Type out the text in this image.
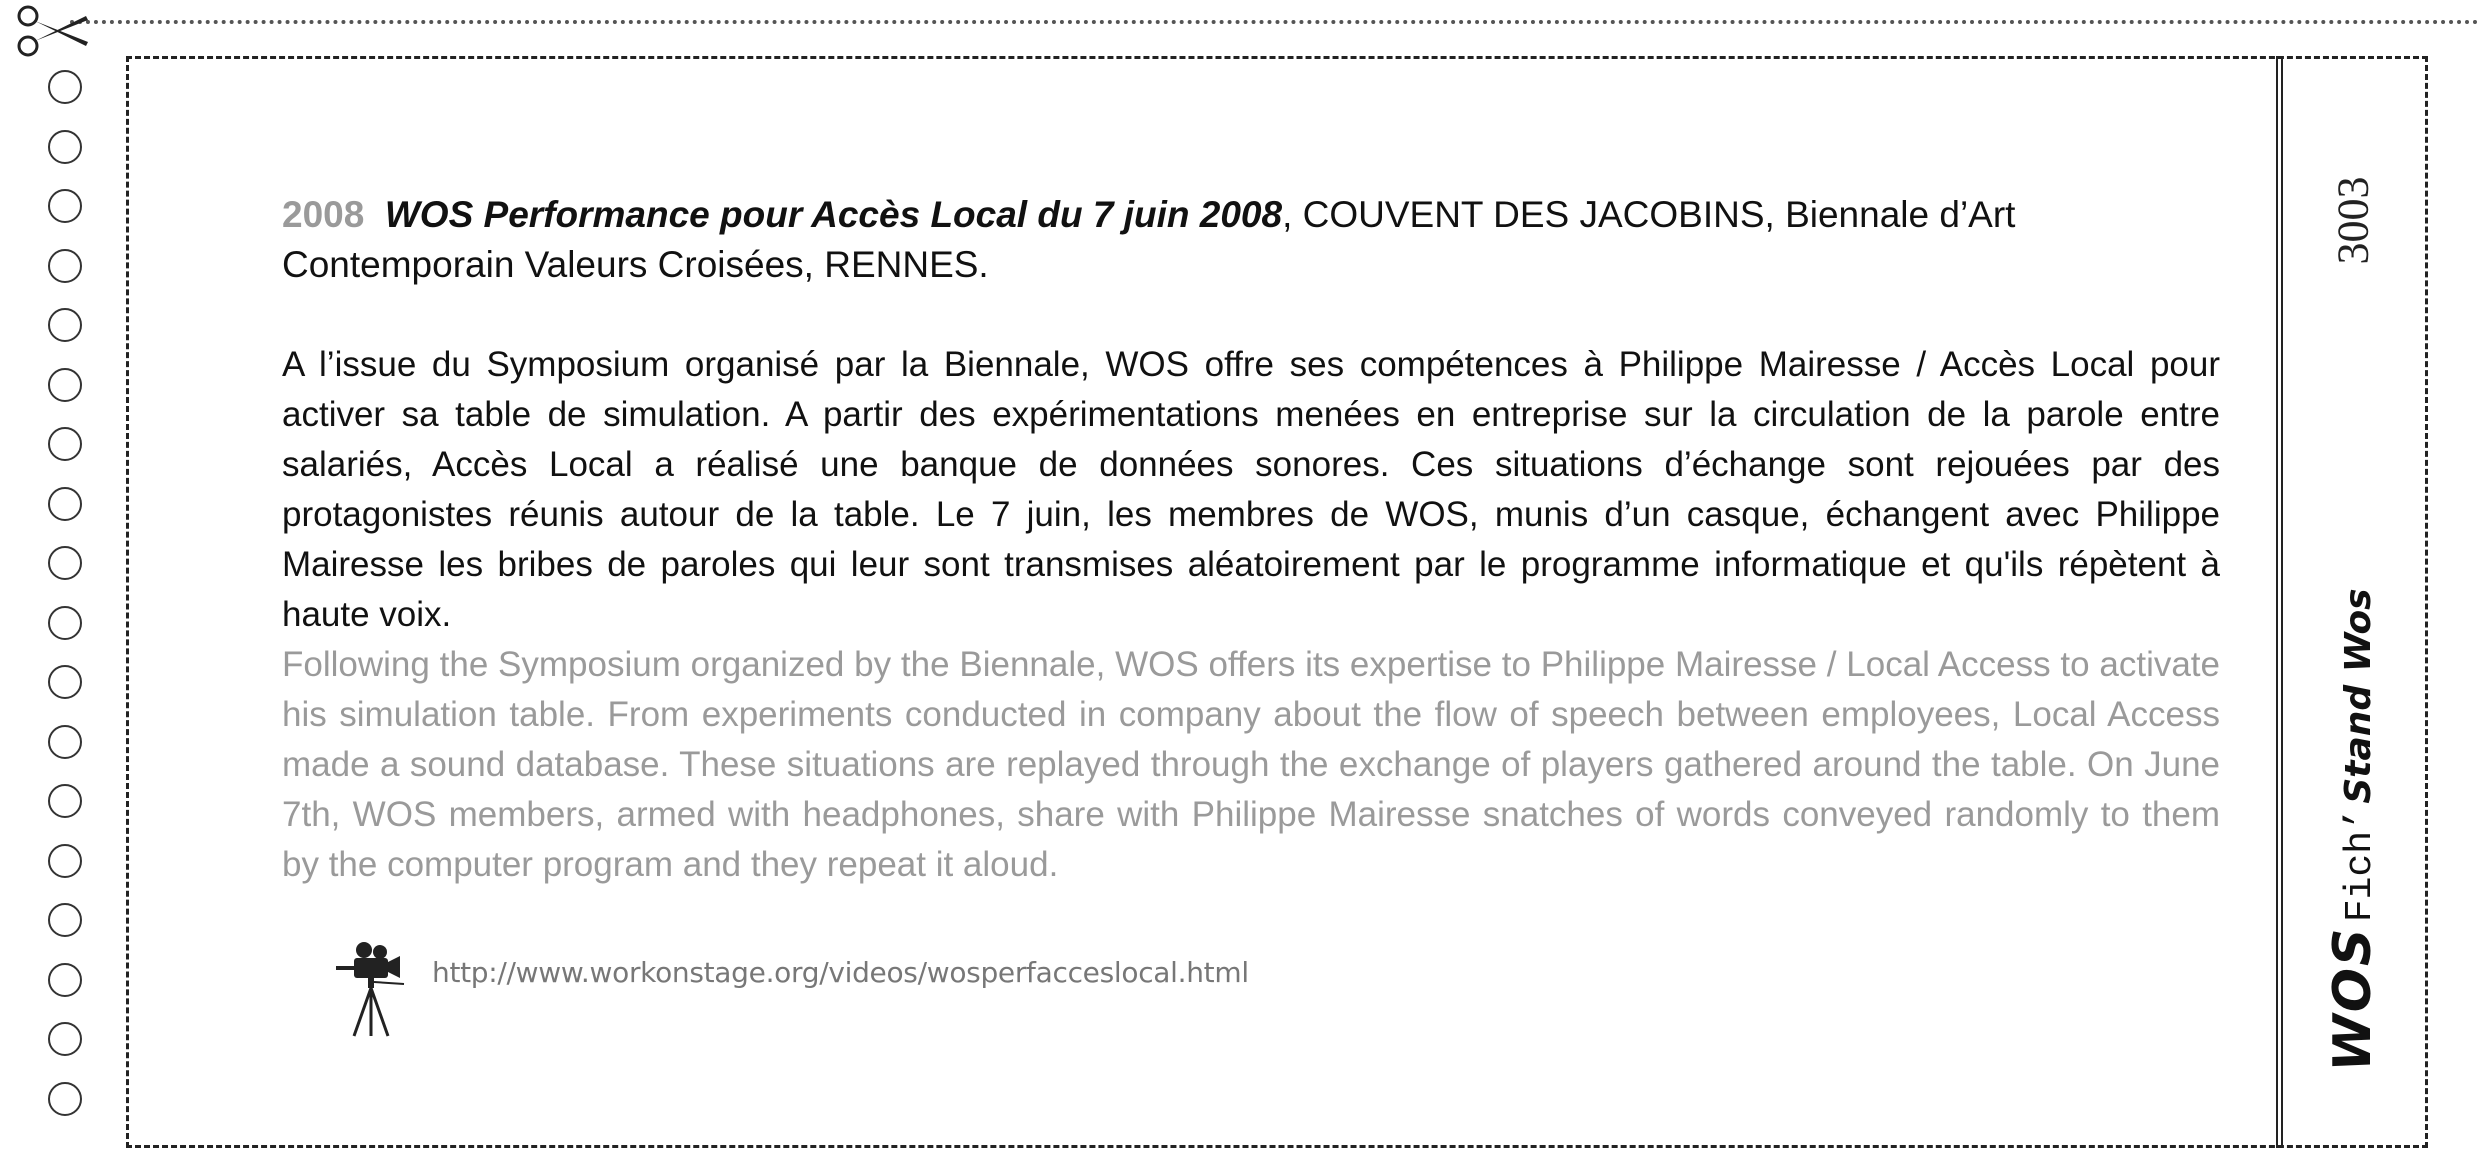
2008 WOS Performance pour Accès Local du 7 juin 2008, COUVENT DES JACOBINS, Biennale d’Art Contemporain Valeurs Croisées, RENNES.

A l’issue du Symposium organisé par la Biennale, WOS offre ses compétences à Philippe Mairesse / Accès Local pour activer sa table de simulation. A partir des expérimentations menées en entreprise sur la circulation de la parole entre salariés, Accès Local a réalisé une banque de données sonores. Ces situations d’échange sont rejouées par des protagonistes réunis autour de la table. Le 7 juin, les membres de WOS, munis d’un casque, échangent avec Philippe Mairesse les bribes de paroles qui leur sont transmises aléatoirement par le programme informatique et qu'ils répètent à haute voix.

Following the Symposium organized by the Biennale, WOS offers its expertise to Philippe Mairesse / Local Access to activate his simulation table. From experiments conducted in company about the flow of speech between employees, Local Access made a sound database. These situations are replayed through the exchange of players gathered around the table. On June 7th, WOS members, armed with headphones, share with Philippe Mairesse snatches of words conveyed randomly to them by the computer program and they repeat it aloud.

http://www.workonstage.org/videos/wosperfacceslocal.html
3003
WOS Fich’ Stand Wos
